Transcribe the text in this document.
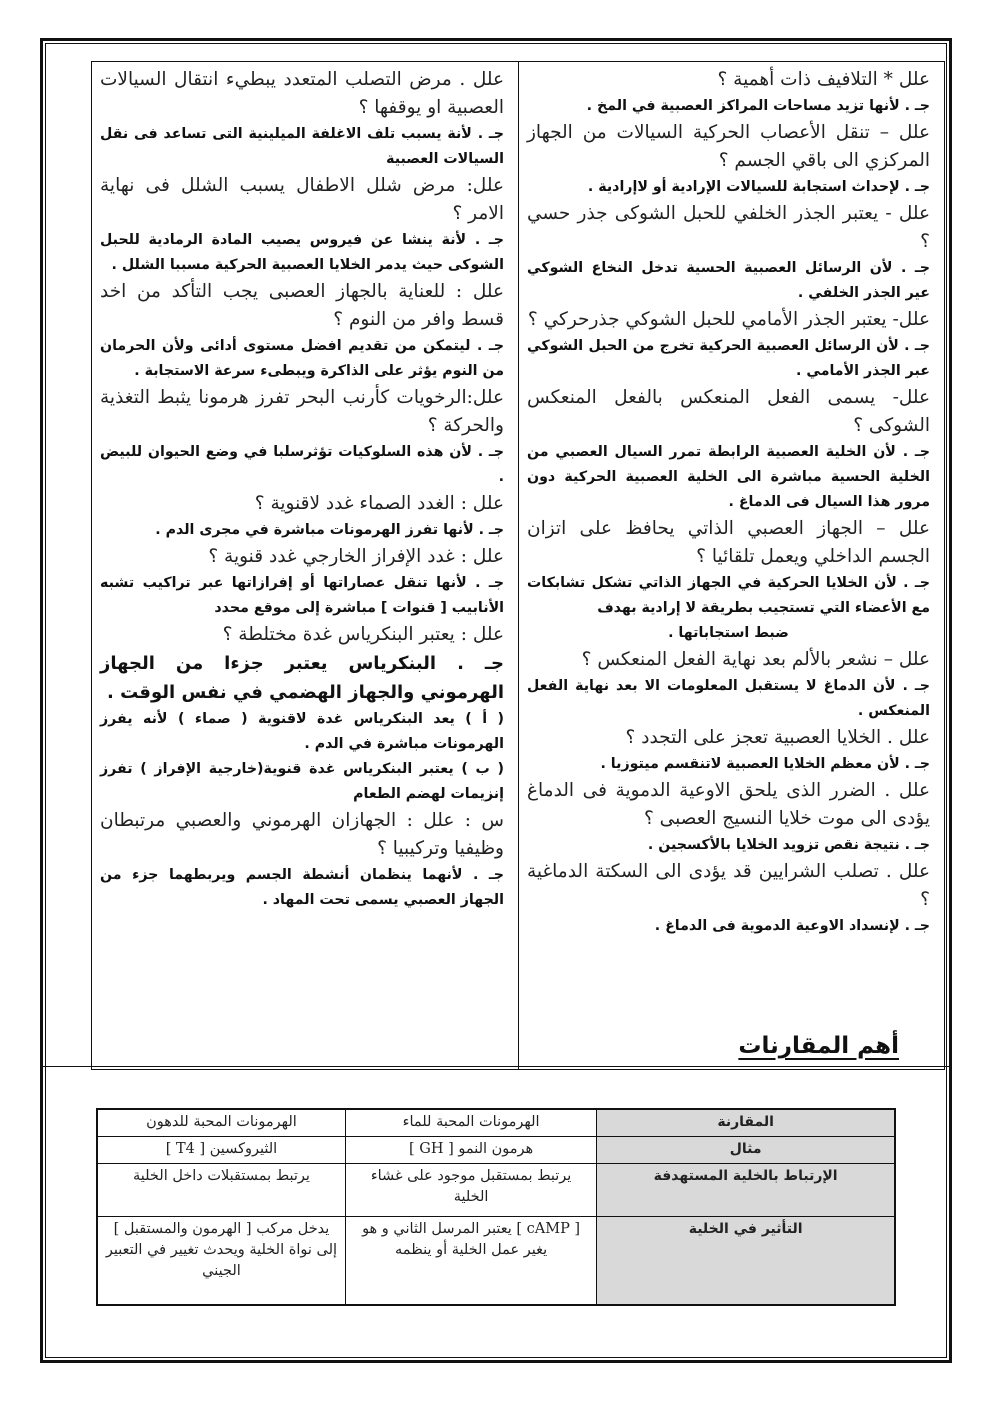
علل * التلافيف ذات أهمية ؟

جـ . لأنها تزيد مساحات المراكز العصبية في المخ .

علل – تنقل الأعصاب الحركية السيالات من الجهاز المركزي الى باقي الجسم ؟

جـ . لإحداث استجابة للسيالات الإرادية أو لاإرادية .

علل - يعتبر الجذر الخلفي للحبل الشوكى جذر حسي ؟

جـ . لأن الرسائل العصبية الحسية تدخل النخاع الشوكي عير الجذر الخلفي .

علل- يعتبر الجذر الأمامي للحبل الشوكي جذرحركي ؟

جـ . لأن الرسائل العصبية الحركية تخرج من الحبل الشوكي عبر الجذر الأمامي .

علل- يسمى الفعل المنعكس بالفعل المنعكس الشوكى ؟

جـ . لأن الخلية العصبية الرابطة تمرر السيال العصبي من الخلية الحسية مباشرة الى الخلية العصبية الحركية دون مرور هذا السيال فى الدماغ .

علل – الجهاز العصبي الذاتي يحافظ على اتزان الجسم الداخلي ويعمل تلقائيا ؟

جـ . لأن الخلايا الحركية في الجهاز الذاتي تشكل تشابكات مع الأعضاء التي تستجيب بطريقة لا إرادية بهدف

ضبط استجاباتها .

علل – نشعر بالألم بعد نهاية الفعل المنعكس ؟

جـ . لأن الدماغ لا يستقبل المعلومات الا بعد نهاية الفعل المنعكس .

علل . الخلايا العصبية تعجز على التجدد ؟

جـ . لأن معظم الخلايا العصبية لاتنقسم ميتوزيا .

علل . الضرر الذى يلحق الاوعية الدموية فى الدماغ يؤدى الى موت خلايا النسيج العصبى ؟

جـ . نتيجة نقص تزويد الخلايا بالأكسجين .

علل . تصلب الشرايين قد يؤدى الى السكتة الدماغية ؟

جـ . لإنسداد الاوعية الدموية فى الدماغ .

علل . مرض التصلب المتعدد يبطيء انتقال السيالات العصبية او يوقفها ؟

جـ . لأنة يسبب تلف الاغلفة الميلينية التى تساعد فى نقل السيالات العصبية

علل: مرض شلل الاطفال يسبب الشلل فى نهاية الامر ؟

جـ . لأنة ينشا عن فيروس يصيب المادة الرمادية للحبل الشوكى حيث يدمر الخلايا العصبية الحركية مسببا الشلل .

علل : للعناية بالجهاز العصبى يجب التأكد من اخد قسط وافر من النوم ؟

جـ . ليتمكن من تقديم افضل مستوى أدائى ولأن الحرمان من النوم يؤثر على الذاكرة ويبطىء سرعة الاستجابة .

علل:الرخويات كأرنب البحر تفرز هرمونا يثبط التغذية والحركة ؟

جـ . لأن هذه السلوكيات تؤثرسلبا في وضع الحيوان للبيض .

علل : الغدد الصماء غدد لاقنوية ؟

جـ . لأنها تفرز الهرمونات مباشرة في مجرى الدم .

علل : غدد الإفراز الخارجي غدد قنوية ؟

جـ . لأنها تنقل عصاراتها أو إفرازاتها عبر تراكيب تشبه الأنابيب [ قنوات ] مباشرة إلى موقع محدد

علل : يعتبر البنكرياس غدة مختلطة ؟

جـ . البنكرياس يعتبر جزءا من الجهاز الهرموني والجهاز الهضمي في نفس الوقت .

( أ ) يعد البنكرياس غدة لاقنوية ( صماء ) لأنه يفرز الهرمونات مباشرة في الدم .

( ب ) يعتبر البنكرياس غدة قنوية(خارجية الإفراز ) تفرز إنزيمات لهضم الطعام

س : علل : الجهازان الهرموني والعصبي مرتبطان وظيفيا وتركيبيا ؟

جـ . لأنهما ينظمان أنشطة الجسم ويربطهما جزء من الجهاز العصبي يسمى تحت المهاد .

أهم المقارنات
المقارنة	الهرمونات المحبة للماء	الهرمونات المحبة للدهون
مثال	هرمون النمو [ GH ]	الثيروكسين [ T4 ]
الإرتباط بالخلية المستهدفة	يرتبط بمستقبل موجود على غشاء الخلية	يرتبط بمستقبلات داخل الخلية
التأثير في الخلية	[ cAMP ] يعتبر المرسل الثاني و هو يغير عمل الخلية أو ينظمه	يدخل مركب [ الهرمون والمستقبل ] إلى نواة الخلية ويحدث تغيير في التعبير الجيني
